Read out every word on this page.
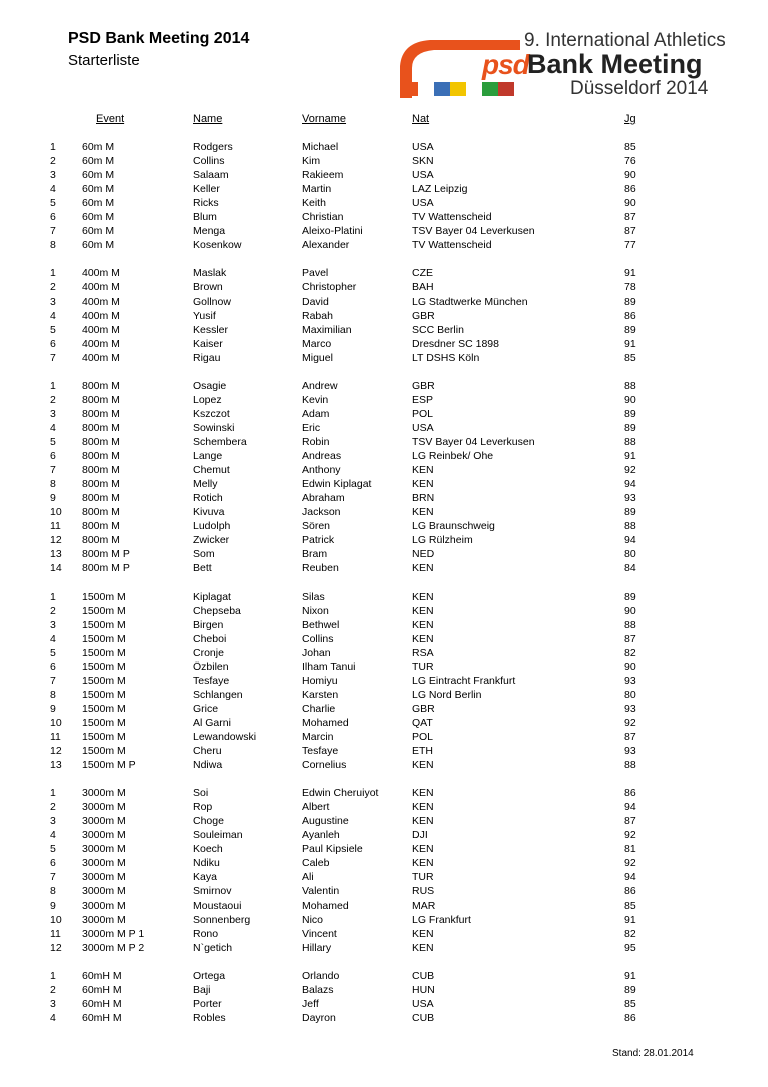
PSD Bank Meeting 2014
Starterliste
9. International Athletics
psd
Bank Meeting
Düsseldorf 2014
Event	Name	Vorname	Nat	Jg
1 60m M	Rodgers	Michael	USA	85
2 60m M	Collins	Kim	SKN	76
3 60m M	Salaam	Rakieem	USA	90
4 60m M	Keller	Martin	LAZ Leipzig	86
5 60m M	Ricks	Keith	USA	90
6 60m M	Blum	Christian	TV Wattenscheid	87
7 60m M	Menga	Aleixo-Platini	TSV Bayer 04 Leverkusen	87
8 60m M	Kosenkow	Alexander	TV Wattenscheid	77
1 400m M	Maslak	Pavel	CZE	91
2 400m M	Brown	Christopher	BAH	78
3 400m M	Gollnow	David	LG Stadtwerke München	89
4 400m M	Yusif	Rabah	GBR	86
5 400m M	Kessler	Maximilian	SCC Berlin	89
6 400m M	Kaiser	Marco	Dresdner SC 1898	91
7 400m M	Rigau	Miguel	LT DSHS Köln	85
1 800m M	Osagie	Andrew	GBR	88
2 800m M	Lopez	Kevin	ESP	90
3 800m M	Kszczot	Adam	POL	89
4 800m M	Sowinski	Eric	USA	89
5 800m M	Schembera	Robin	TSV Bayer 04 Leverkusen	88
6 800m M	Lange	Andreas	LG Reinbek/ Ohe	91
7 800m M	Chemut	Anthony	KEN	92
8 800m M	Melly	Edwin Kiplagat	KEN	94
9 800m M	Rotich	Abraham	BRN	93
10 800m M	Kivuva	Jackson	KEN	89
11 800m M	Ludolph	Sören	LG Braunschweig	88
12 800m M	Zwicker	Patrick	LG Rülzheim	94
13 800m M P	Som	Bram	NED	80
14 800m M P	Bett	Reuben	KEN	84
1 1500m M	Kiplagat	Silas	KEN	89
2 1500m M	Chepseba	Nixon	KEN	90
3 1500m M	Birgen	Bethwel	KEN	88
4 1500m M	Cheboi	Collins	KEN	87
5 1500m M	Cronje	Johan	RSA	82
6 1500m M	Özbilen	Ilham Tanui	TUR	90
7 1500m M	Tesfaye	Homiyu	LG Eintracht Frankfurt	93
8 1500m M	Schlangen	Karsten	LG Nord Berlin	80
9 1500m M	Grice	Charlie	GBR	93
10 1500m M	Al Garni	Mohamed	QAT	92
11 1500m M	Lewandowski	Marcin	POL	87
12 1500m M	Cheru	Tesfaye	ETH	93
13 1500m M P	Ndiwa	Cornelius	KEN	88
1 3000m M	Soi	Edwin Cheruiyot	KEN	86
2 3000m M	Rop	Albert	KEN	94
3 3000m M	Choge	Augustine	KEN	87
4 3000m M	Souleiman	Ayanleh	DJI	92
5 3000m M	Koech	Paul Kipsiele	KEN	81
6 3000m M	Ndiku	Caleb	KEN	92
7 3000m M	Kaya	Ali	TUR	94
8 3000m M	Smirnov	Valentin	RUS	86
9 3000m M	Moustaoui	Mohamed	MAR	85
10 3000m M	Sonnenberg	Nico	LG Frankfurt	91
11 3000m M P 1	Rono	Vincent	KEN	82
12 3000m M P 2	N`getich	Hillary	KEN	95
1 60mH M	Ortega	Orlando	CUB	91
2 60mH M	Baji	Balazs	HUN	89
3 60mH M	Porter	Jeff	USA	85
4 60mH M	Robles	Dayron	CUB	86
Stand: 28.01.2014
